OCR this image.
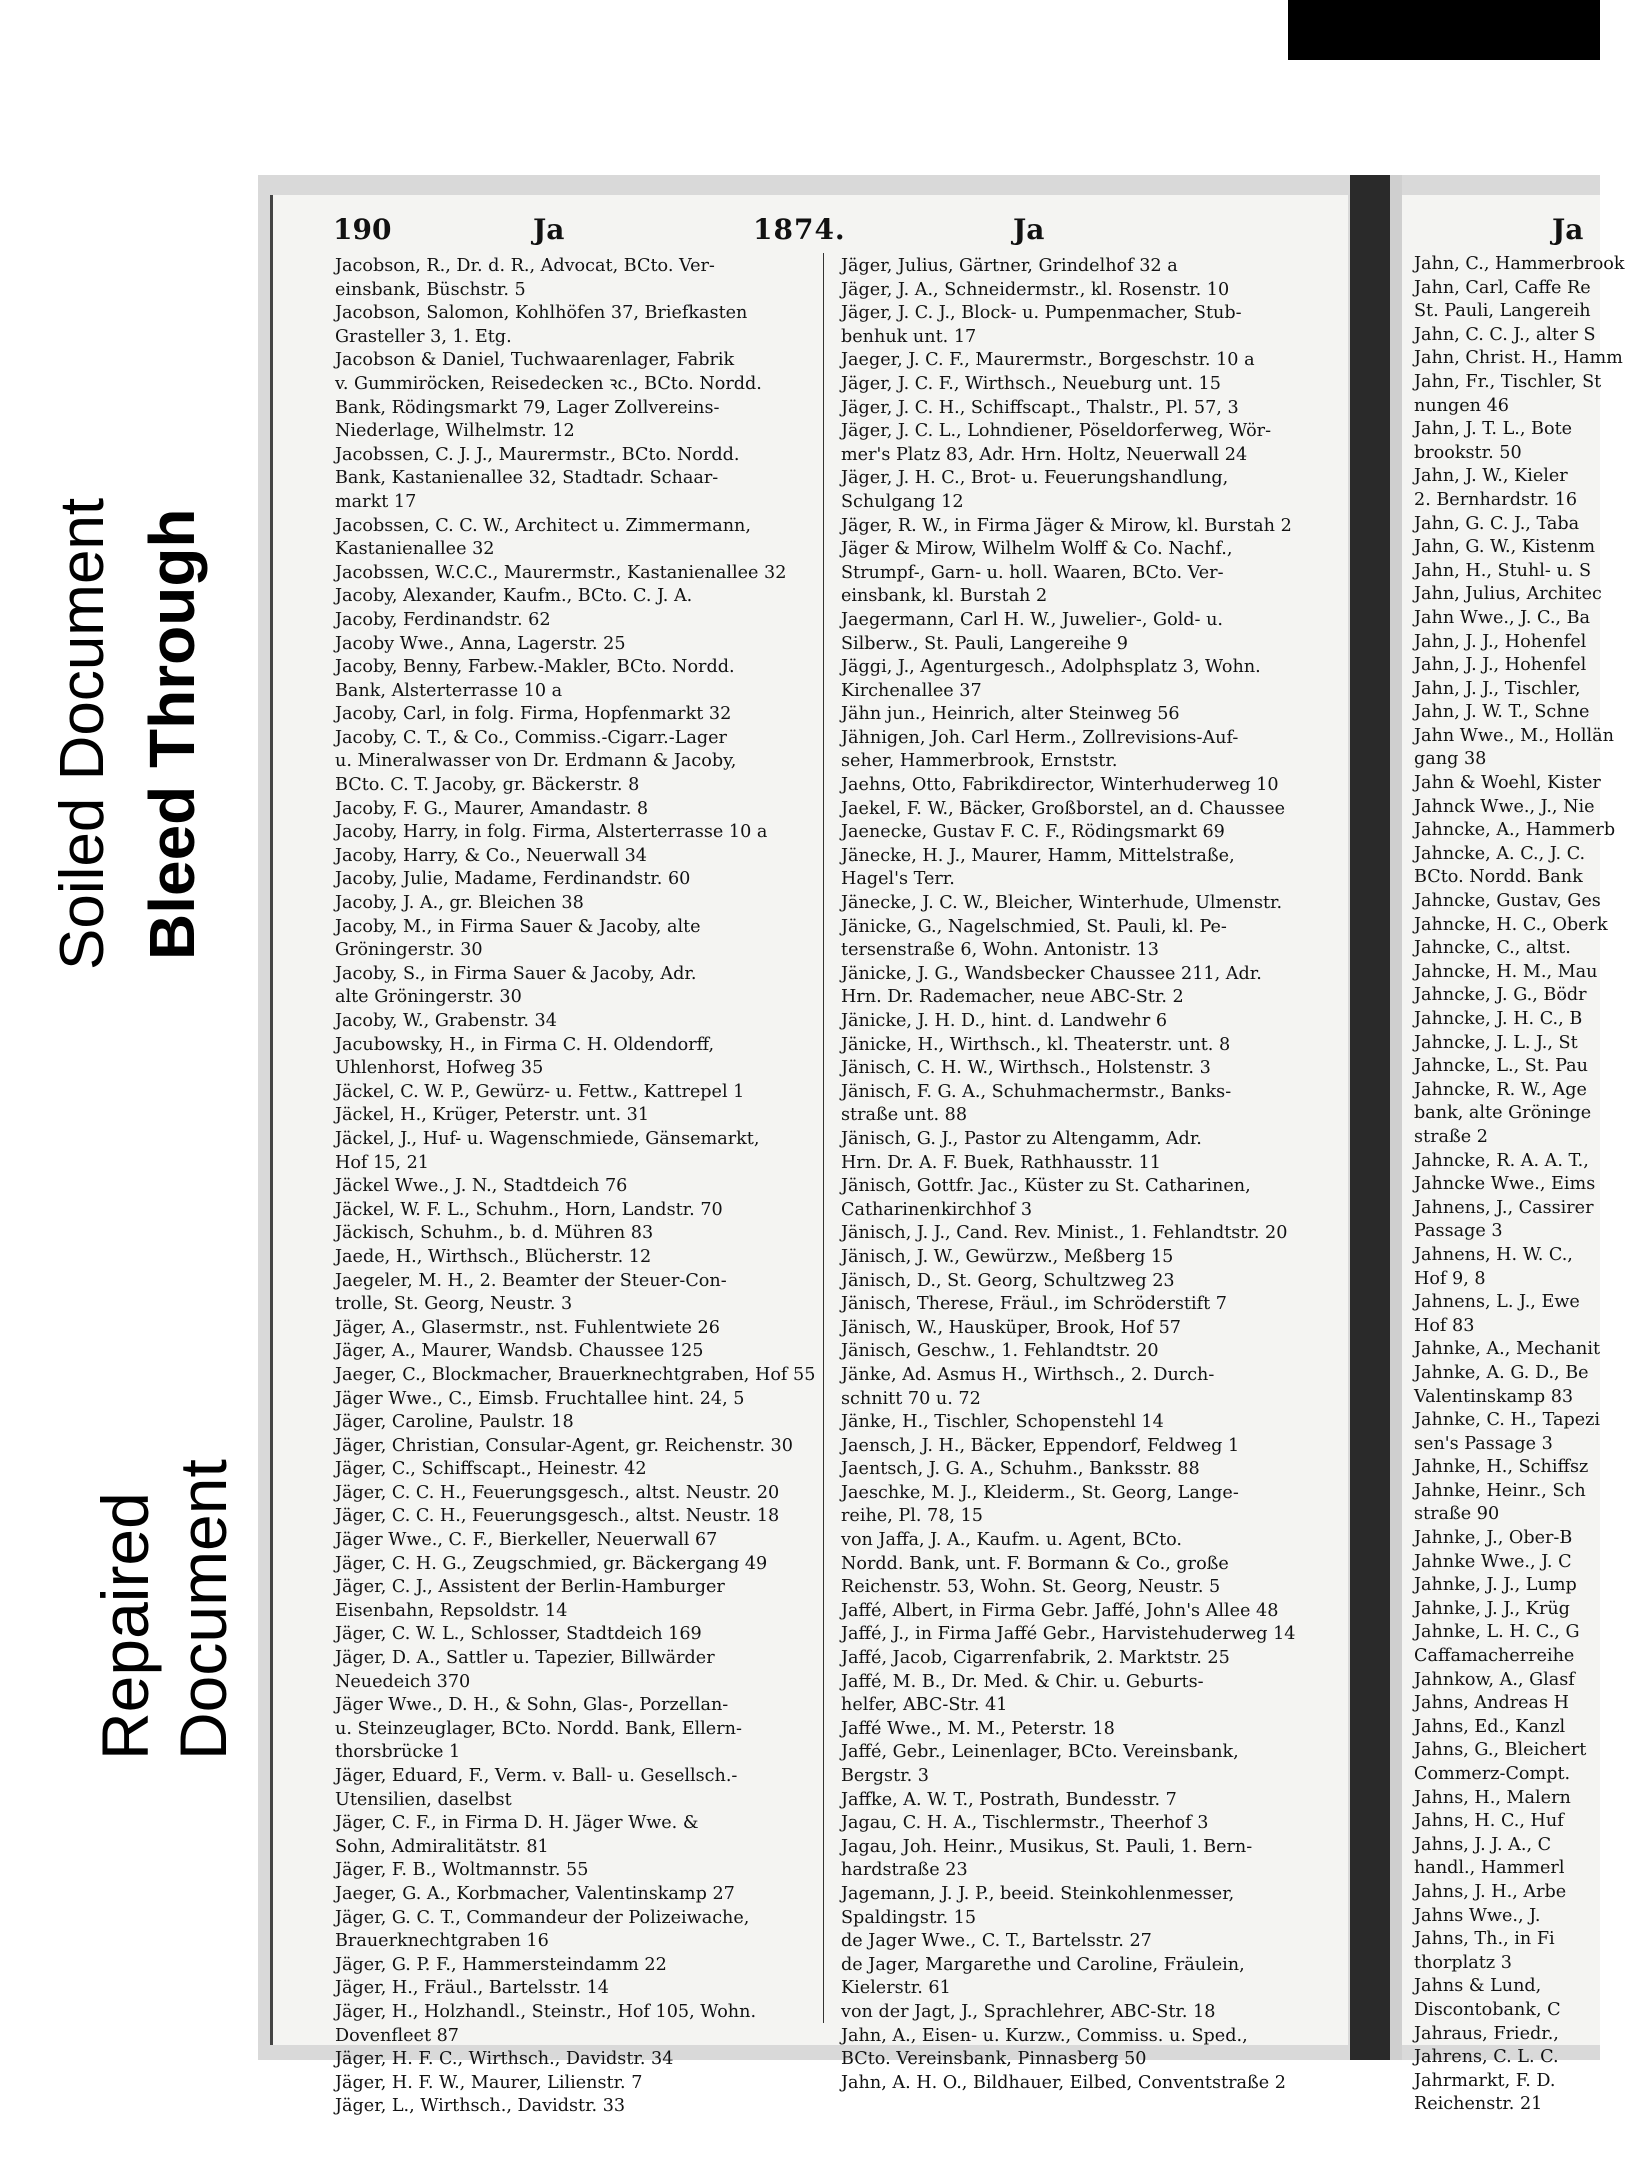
Soiled Document Bleed Through
Repaired Document
190	Ja	1874.	Ja
Jacobson, R., Dr. d. R., Advocat, BCto. Ver-
einsbank, Büschstr. 5
Jacobson, Salomon, Kohlhöfen 37, Briefkasten
Grasteller 3, 1. Etg.
Jacobson & Daniel, Tuchwaarenlager, Fabrik
v. Gummiröcken, Reisedecken ꝛc., BCto. Nordd.
Bank, Rödingsmarkt 79, Lager Zollvereins-
Niederlage, Wilhelmstr. 12
Jacobssen, C. J. J., Maurermstr., BCto. Nordd.
Bank, Kastanienallee 32, Stadtadr. Schaar-
markt 17
Jacobssen, C. C. W., Architect u. Zimmermann,
Kastanienallee 32
Jacobssen, W.C.C., Maurermstr., Kastanienallee 32
Jacoby, Alexander, Kaufm., BCto. C. J. A.
Jacoby, Ferdinandstr. 62
Jacoby Wwe., Anna, Lagerstr. 25
Jacoby, Benny, Farbew.-Makler, BCto. Nordd.
Bank, Alsterterrasse 10 a
Jacoby, Carl, in folg. Firma, Hopfenmarkt 32
Jacoby, C. T., & Co., Commiss.-Cigarr.-Lager
u. Mineralwasser von Dr. Erdmann & Jacoby,
BCto. C. T. Jacoby, gr. Bäckerstr. 8
Jacoby, F. G., Maurer, Amandastr. 8
Jacoby, Harry, in folg. Firma, Alsterterrasse 10 a
Jacoby, Harry, & Co., Neuerwall 34
Jacoby, Julie, Madame, Ferdinandstr. 60
Jacoby, J. A., gr. Bleichen 38
Jacoby, M., in Firma Sauer & Jacoby, alte
Gröningerstr. 30
Jacoby, S., in Firma Sauer & Jacoby, Adr.
alte Gröningerstr. 30
Jacoby, W., Grabenstr. 34
Jacubowsky, H., in Firma C. H. Oldendorff,
Uhlenhorst, Hofweg 35
Jäckel, C. W. P., Gewürz- u. Fettw., Kattrepel 1
Jäckel, H., Krüger, Peterstr. unt. 31
Jäckel, J., Huf- u. Wagenschmiede, Gänsemarkt,
Hof 15, 21
Jäckel Wwe., J. N., Stadtdeich 76
Jäckel, W. F. L., Schuhm., Horn, Landstr. 70
Jäckisch, Schuhm., b. d. Mühren 83
Jaede, H., Wirthsch., Blücherstr. 12
Jaegeler, M. H., 2. Beamter der Steuer-Con-
trolle, St. Georg, Neustr. 3
Jäger, A., Glasermstr., nst. Fuhlentwiete 26
Jäger, A., Maurer, Wandsb. Chaussee 125
Jaeger, C., Blockmacher, Brauerknechtgraben, Hof 55
Jäger Wwe., C., Eimsb. Fruchtallee hint. 24, 5
Jäger, Caroline, Paulstr. 18
Jäger, Christian, Consular-Agent, gr. Reichenstr. 30
Jäger, C., Schiffscapt., Heinestr. 42
Jäger, C. C. H., Feuerungsgesch., altst. Neustr. 20
Jäger, C. C. H., Feuerungsgesch., altst. Neustr. 18
Jäger Wwe., C. F., Bierkeller, Neuerwall 67
Jäger, C. H. G., Zeugschmied, gr. Bäckergang 49
Jäger, C. J., Assistent der Berlin-Hamburger
Eisenbahn, Repsoldstr. 14
Jäger, C. W. L., Schlosser, Stadtdeich 169
Jäger, D. A., Sattler u. Tapezier, Billwärder
Neuedeich 370
Jäger Wwe., D. H., & Sohn, Glas-, Porzellan-
u. Steinzeuglager, BCto. Nordd. Bank, Ellern-
thorsbrücke 1
Jäger, Eduard, F., Verm. v. Ball- u. Gesellsch.-
Utensilien, daselbst
Jäger, C. F., in Firma D. H. Jäger Wwe. &
Sohn, Admiralitätstr. 81
Jäger, F. B., Woltmannstr. 55
Jaeger, G. A., Korbmacher, Valentinskamp 27
Jäger, G. C. T., Commandeur der Polizeiwache,
Brauerknechtgraben 16
Jäger, G. P. F., Hammersteindamm 22
Jäger, H., Fräul., Bartelsstr. 14
Jäger, H., Holzhandl., Steinstr., Hof 105, Wohn.
Dovenfleet 87
Jäger, H. F. C., Wirthsch., Davidstr. 34
Jäger, H. F. W., Maurer, Lilienstr. 7
Jäger, L., Wirthsch., Davidstr. 33
Jäger, Julius, Gärtner, Grindelhof 32 a
Jäger, J. A., Schneidermstr., kl. Rosenstr. 10
Jäger, J. C. J., Block- u. Pumpenmacher, Stub-
benhuk unt. 17
Jaeger, J. C. F., Maurermstr., Borgeschstr. 10 a
Jäger, J. C. F., Wirthsch., Neueburg unt. 15
Jäger, J. C. H., Schiffscapt., Thalstr., Pl. 57, 3
Jäger, J. C. L., Lohndiener, Pöseldorferweg, Wör-
mer's Platz 83, Adr. Hrn. Holtz, Neuerwall 24
Jäger, J. H. C., Brot- u. Feuerungshandlung,
Schulgang 12
Jäger, R. W., in Firma Jäger & Mirow, kl. Burstah 2
Jäger & Mirow, Wilhelm Wolff & Co. Nachf.,
Strumpf-, Garn- u. holl. Waaren, BCto. Ver-
einsbank, kl. Burstah 2
Jaegermann, Carl H. W., Juwelier-, Gold- u.
Silberw., St. Pauli, Langereihe 9
Jäggi, J., Agenturgesch., Adolphsplatz 3, Wohn.
Kirchenallee 37
Jähn jun., Heinrich, alter Steinweg 56
Jähnigen, Joh. Carl Herm., Zollrevisions-Auf-
seher, Hammerbrook, Ernststr.
Jaehns, Otto, Fabrikdirector, Winterhuderweg 10
Jaekel, F. W., Bäcker, Großborstel, an d. Chaussee
Jaenecke, Gustav F. C. F., Rödingsmarkt 69
Jänecke, H. J., Maurer, Hamm, Mittelstraße,
Hagel's Terr.
Jänecke, J. C. W., Bleicher, Winterhude, Ulmenstr.
Jänicke, G., Nagelschmied, St. Pauli, kl. Pe-
tersenstraße 6, Wohn. Antonistr. 13
Jänicke, J. G., Wandsbecker Chaussee 211, Adr.
Hrn. Dr. Rademacher, neue ABC-Str. 2
Jänicke, J. H. D., hint. d. Landwehr 6
Jänicke, H., Wirthsch., kl. Theaterstr. unt. 8
Jänisch, C. H. W., Wirthsch., Holstenstr. 3
Jänisch, F. G. A., Schuhmachermstr., Banks-
straße unt. 88
Jänisch, G. J., Pastor zu Altengamm, Adr.
Hrn. Dr. A. F. Buek, Rathhausstr. 11
Jänisch, Gottfr. Jac., Küster zu St. Catharinen,
Catharinenkirchhof 3
Jänisch, J. J., Cand. Rev. Minist., 1. Fehlandtstr. 20
Jänisch, J. W., Gewürzw., Meßberg 15
Jänisch, D., St. Georg, Schultzweg 23
Jänisch, Therese, Fräul., im Schröderstift 7
Jänisch, W., Hausküper, Brook, Hof 57
Jänisch, Geschw., 1. Fehlandtstr. 20
Jänke, Ad. Asmus H., Wirthsch., 2. Durch-
schnitt 70 u. 72
Jänke, H., Tischler, Schopenstehl 14
Jaensch, J. H., Bäcker, Eppendorf, Feldweg 1
Jaentsch, J. G. A., Schuhm., Banksstr. 88
Jaeschke, M. J., Kleiderm., St. Georg, Lange-
reihe, Pl. 78, 15
von Jaffa, J. A., Kaufm. u. Agent, BCto.
Nordd. Bank, unt. F. Bormann & Co., große
Reichenstr. 53, Wohn. St. Georg, Neustr. 5
Jaffé, Albert, in Firma Gebr. Jaffé, John's Allee 48
Jaffé, J., in Firma Jaffé Gebr., Harvistehuderweg 14
Jaffé, Jacob, Cigarrenfabrik, 2. Marktstr. 25
Jaffé, M. B., Dr. Med. & Chir. u. Geburts-
helfer, ABC-Str. 41
Jaffé Wwe., M. M., Peterstr. 18
Jaffé, Gebr., Leinenlager, BCto. Vereinsbank,
Bergstr. 3
Jaffke, A. W. T., Postrath, Bundesstr. 7
Jagau, C. H. A., Tischlermstr., Theerhof 3
Jagau, Joh. Heinr., Musikus, St. Pauli, 1. Bern-
hardstraße 23
Jagemann, J. J. P., beeid. Steinkohlenmesser,
Spaldingstr. 15
de Jager Wwe., C. T., Bartelsstr. 27
de Jager, Margarethe und Caroline, Fräulein,
Kielerstr. 61
von der Jagt, J., Sprachlehrer, ABC-Str. 18
Jahn, A., Eisen- u. Kurzw., Commiss. u. Sped.,
BCto. Vereinsbank, Pinnasberg 50
Jahn, A. H. O., Bildhauer, Eilbed, Conventstraße 2
Ja
Jahn, C., Hammerbrook
Jahn, Carl, Caffe Re
St. Pauli, Langereih
Jahn, C. C. J., alter S
Jahn, Christ. H., Hamm
Jahn, Fr., Tischler, St
nungen 46
Jahn, J. T. L., Bote
brookstr. 50
Jahn, J. W., Kieler
2. Bernhardstr. 16
Jahn, G. C. J., Taba
Jahn, G. W., Kistenm
Jahn, H., Stuhl- u. S
Jahn, Julius, Architec
Jahn Wwe., J. C., Ba
Jahn, J. J., Hohenfel
Jahn, J. J., Hohenfel
Jahn, J. J., Tischler,
Jahn, J. W. T., Schne
Jahn Wwe., M., Hollän
gang 38
Jahn & Woehl, Kister
Jahnck Wwe., J., Nie
Jahncke, A., Hammerb
Jahncke, A. C., J. C.
BCto. Nordd. Bank
Jahncke, Gustav, Ges
Jahncke, H. C., Oberk
Jahncke, C., altst.
Jahncke, H. M., Mau
Jahncke, J. G., Bödr
Jahncke, J. H. C., B
Jahncke, J. L. J., St
Jahncke, L., St. Pau
Jahncke, R. W., Age
bank, alte Gröninge
straße 2
Jahncke, R. A. A. T.,
Jahncke Wwe., Eims
Jahnens, J., Cassirer
Passage 3
Jahnens, H. W. C.,
Hof 9, 8
Jahnens, L. J., Ewe
Hof 83
Jahnke, A., Mechanit
Jahnke, A. G. D., Be
Valentinskamp 83
Jahnke, C. H., Tapezi
sen's Passage 3
Jahnke, H., Schiffsz
Jahnke, Heinr., Sch
straße 90
Jahnke, J., Ober-B
Jahnke Wwe., J. C
Jahnke, J. J., Lump
Jahnke, J. J., Krüg
Jahnke, L. H. C., G
Caffamacherreihe
Jahnkow, A., Glasf
Jahns, Andreas H
Jahns, Ed., Kanzl
Jahns, G., Bleichert
Commerz-Compt.
Jahns, H., Malern
Jahns, H. C., Huf
Jahns, J. J. A., C
handl., Hammerl
Jahns, J. H., Arbe
Jahns Wwe., J.
Jahns, Th., in Fi
thorplatz 3
Jahns & Lund,
Discontobank, C
Jahraus, Friedr.,
Jahrens, C. L. C.
Jahrmarkt, F. D.
Reichenstr. 21
